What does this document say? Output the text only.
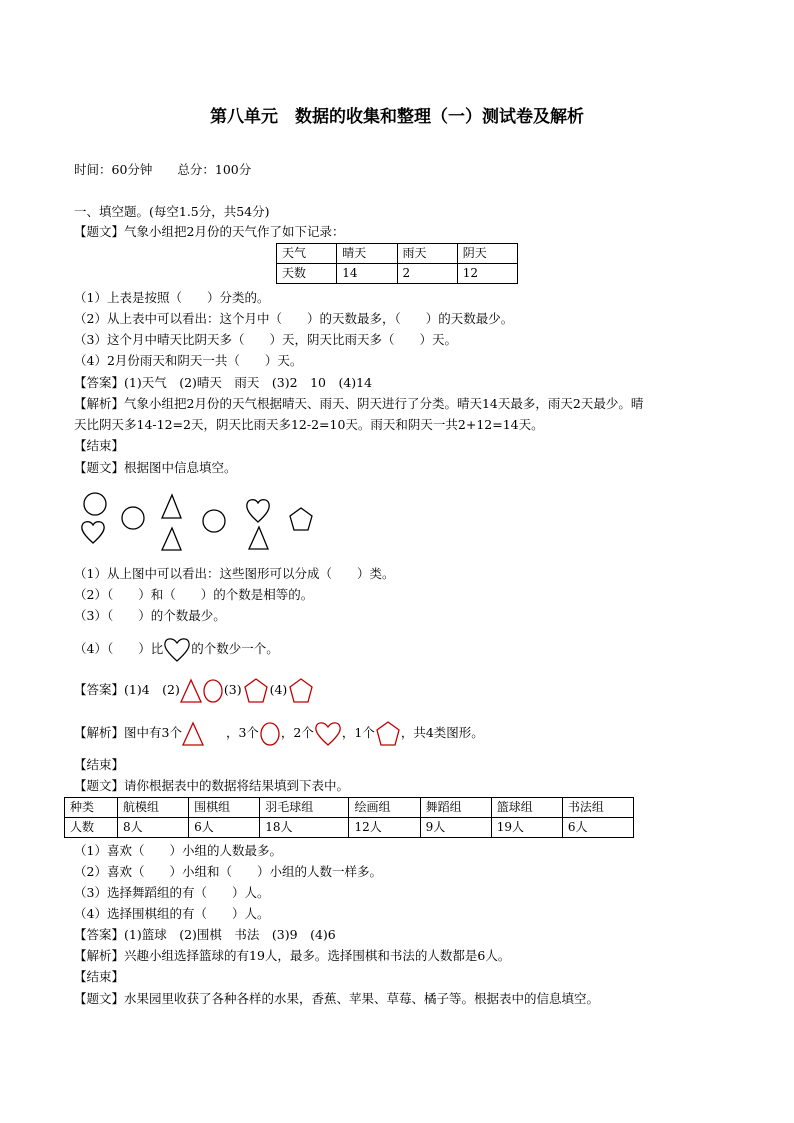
第八单元　数据的收集和整理（一）测试卷及解析
时间：60分钟　　总分：100分
一、填空题。(每空1.5分，共54分)
【题文】气象小组把2月份的天气作了如下记录：
天气	晴天	雨天	阴天
天数	14	2	12
（1）上表是按照（　　）分类的。
（2）从上表中可以看出：这个月中（　　）的天数最多，（　　）的天数最少。
（3）这个月中晴天比阴天多（　　）天，阴天比雨天多（　　）天。
（4）2月份雨天和阴天一共（　　）天。
【答案】(1)天气　(2)晴天　雨天　(3)2　10　(4)14
【解析】气象小组把2月份的天气根据晴天、雨天、阴天进行了分类。晴天14天最多，雨天2天最少。晴
天比阴天多14-12=2天，阴天比雨天多12-2=10天。雨天和阴天一共2+12=14天。
【结束】
【题文】根据图中信息填空。
（1）从上图中可以看出：这些图形可以分成（　　）类。
（2）（　　）和（　　）的个数是相等的。
（3）（　　）的个数最少。
（4）（　　）比 的个数少一个。
【答案】(1)4　(2)	(3) (4)
【解析】图中有3个	，3个 ，2个 ，1个 ，共4类图形。
【结束】
【题文】请你根据表中的数据将结果填到下表中。
种类	航模组	围棋组	羽毛球组	绘画组	舞蹈组	篮球组	书法组
人数	8人	6人	18人	12人	9人	19人	6人
（1）喜欢（　　）小组的人数最多。
（2）喜欢（　　）小组和（　　）小组的人数一样多。
（3）选择舞蹈组的有（　　）人。
（4）选择围棋组的有（　　）人。
【答案】(1)篮球　(2)围棋　书法　(3)9　(4)6
【解析】兴趣小组选择篮球的有19人，最多。选择围棋和书法的人数都是6人。
【结束】
【题文】水果园里收获了各种各样的水果，香蕉、苹果、草莓、橘子等。根据表中的信息填空。
